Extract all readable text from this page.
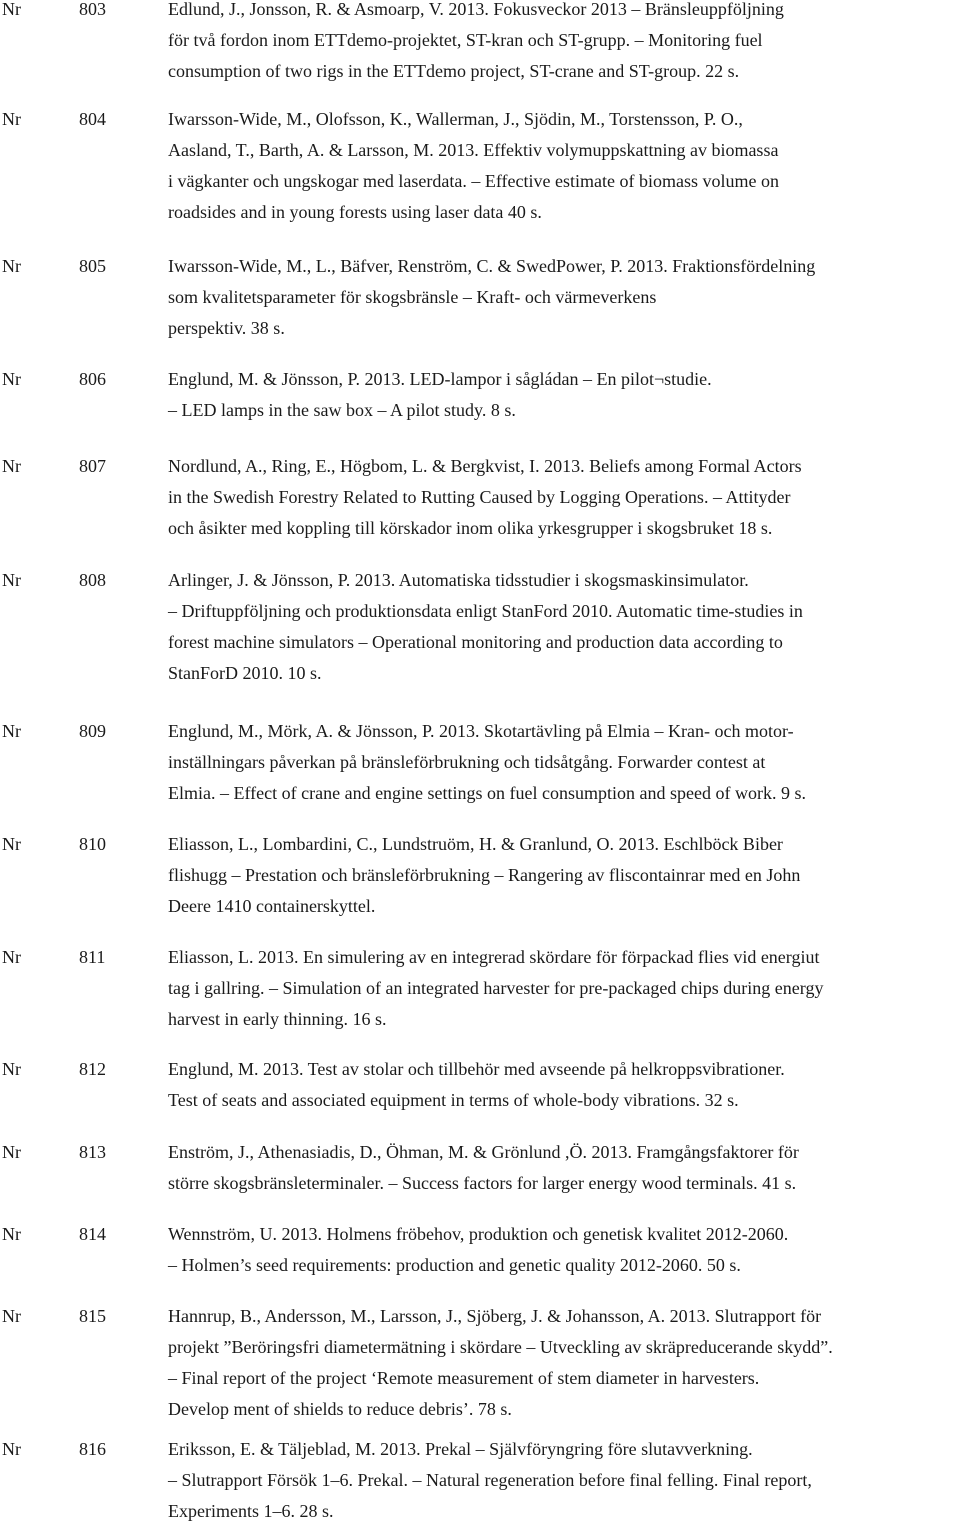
Nr	803	Edlund, J., Jonsson, R. & Asmoarp, V. 2013. Fokusveckor 2013 – Bränsleuppföljning
för två fordon inom ETTdemo-projektet, ST-kran och ST-grupp. – Monitoring fuel
consumption of two rigs in the ETTdemo project, ST-crane and ST-group. 22 s.
Nr	804	Iwarsson-Wide, M., Olofsson, K., Wallerman, J., Sjödin, M., Torstensson, P. O.,
Aasland, T., Barth, A. & Larsson, M. 2013. Effektiv volymuppskattning av biomassa
i vägkanter och ungskogar med laserdata. – Effective estimate of biomass volume on
roadsides and in young forests using laser data 40 s.
Nr	805	Iwarsson-Wide, M., L., Bäfver, Renström, C. & SwedPower, P. 2013. Fraktionsfördelning
som kvalitetsparameter för skogsbränsle – Kraft- och värmeverkens
perspektiv. 38 s.
Nr	806	Englund, M. & Jönsson, P. 2013. LED-lampor i sågládan – En pilot¬studie.
– LED lamps in the saw box – A pilot study. 8 s.
Nr	807	Nordlund, A., Ring, E., Högbom, L. & Bergkvist, I. 2013. Beliefs among Formal Actors
in the Swedish Forestry Related to Rutting Caused by Logging Operations. – Attityder
och åsikter med koppling till körskador inom olika yrkesgrupper i skogsbruket 18 s.
Nr	808	Arlinger, J. & Jönsson, P. 2013. Automatiska tidsstudier i skogsmaskinsimulator.
– Driftuppföljning och produktionsdata enligt StanFord 2010. Automatic time-studies in
forest machine simulators – Operational monitoring and production data according to
StanForD 2010. 10 s.
Nr	809	Englund, M., Mörk, A. & Jönsson, P. 2013. Skotartävling på Elmia – Kran- och motor-
inställningars påverkan på bränsleförbrukning och tidsåtgång. Forwarder contest at
Elmia. – Effect of crane and engine settings on fuel consumption and speed of work. 9 s.
Nr	810	Eliasson, L., Lombardini, C., Lundstruöm, H. & Granlund, O. 2013. Eschlböck Biber
flishugg – Prestation och bränsleförbrukning – Rangering av fliscontainrar med en John
Deere 1410 containerskyttel.
Nr	811	Eliasson, L. 2013. En simulering av en integrerad skördare för förpackad flies vid energiut
tag i gallring. – Simulation of an integrated harvester for pre-packaged chips during energy
harvest in early thinning. 16 s.
Nr	812	Englund, M. 2013. Test av stolar och tillbehör med avseende på helkroppsvibrationer.
Test of seats and associated equipment in terms of whole-body vibrations. 32 s.
Nr	813	Enström, J., Athenasiadis, D., Öhman, M. & Grönlund ,Ö. 2013. Framgångsfaktorer för
större skogsbränsleterminaler. – Success factors for larger energy wood terminals. 41 s.
Nr	814	Wennström, U. 2013. Holmens fröbehov, produktion och genetisk kvalitet 2012-2060.
– Holmen’s seed requirements: production and genetic quality 2012-2060. 50 s.
Nr	815	Hannrup, B., Andersson, M., Larsson, J., Sjöberg, J. & Johansson, A. 2013. Slutrapport för
projekt ”Beröringsfri diametermätning i skördare – Utveckling av skräpreducerande skydd”.
– Final report of the project ‘Remote measurement of stem diameter in harvesters.
Develop ment of shields to reduce debris’. 78 s.
Nr	816	Eriksson, E. & Täljeblad, M. 2013. Prekal – Självföryngring före slutavverkning.
– Slutrapport Försök 1–6. Prekal. – Natural regeneration before final felling. Final report,
Experiments 1–6. 28 s.
